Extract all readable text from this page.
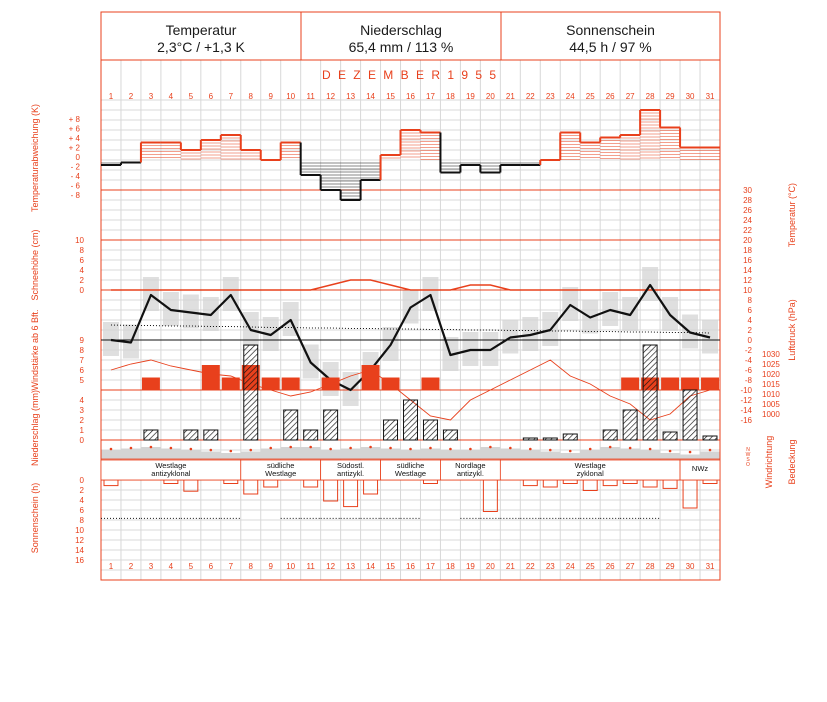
Temperatur
2,3°C / +1,3 K
Niederschlag
65,4 mm / 113 %
Sonnenschein
44,5 h / 97 %
D E Z E M B E R 1 9 5 5
1
1
2
2
3
3
4
4
5
5
6
6
7
7
8
8
9
9
10
10
11
11
12
12
13
13
14
14
15
15
16
16
17
17
18
18
19
19
20
20
21
21
22
22
23
23
24
24
25
25
26
26
27
27
28
28
29
29
30
30
31
31
+ 8
+ 6
+ 4
+ 2
0
- 2
- 4
- 6
- 8
10
8
6
4
2
0
9
8
7
6
5
4
3
2
1
0
0
2
4
6
8
10
12
14
16
30
28
26
24
22
20
18
16
14
12
10
8
6
4
2
0
-2
-4
-6
-8
-10
-12
-14
-16
1030
1025
1020
1015
1010
1005
1000
N
W
S
O
Temperaturabweichung (K)
Schneehöhe (cm)
Windstärke ab 6 Bft.
Niederschlag (mm)
Sonnenschein (h)
Temperatur (°C)
Luftdruck (hPa)
Windrichtung Bedeckung
Westlage
antizyklonal
südliche
Westlage
Südostl.
antizykl.
südliche
Westlage
Nordlage
antizykl.
Westlage
zyklonal
NWz
